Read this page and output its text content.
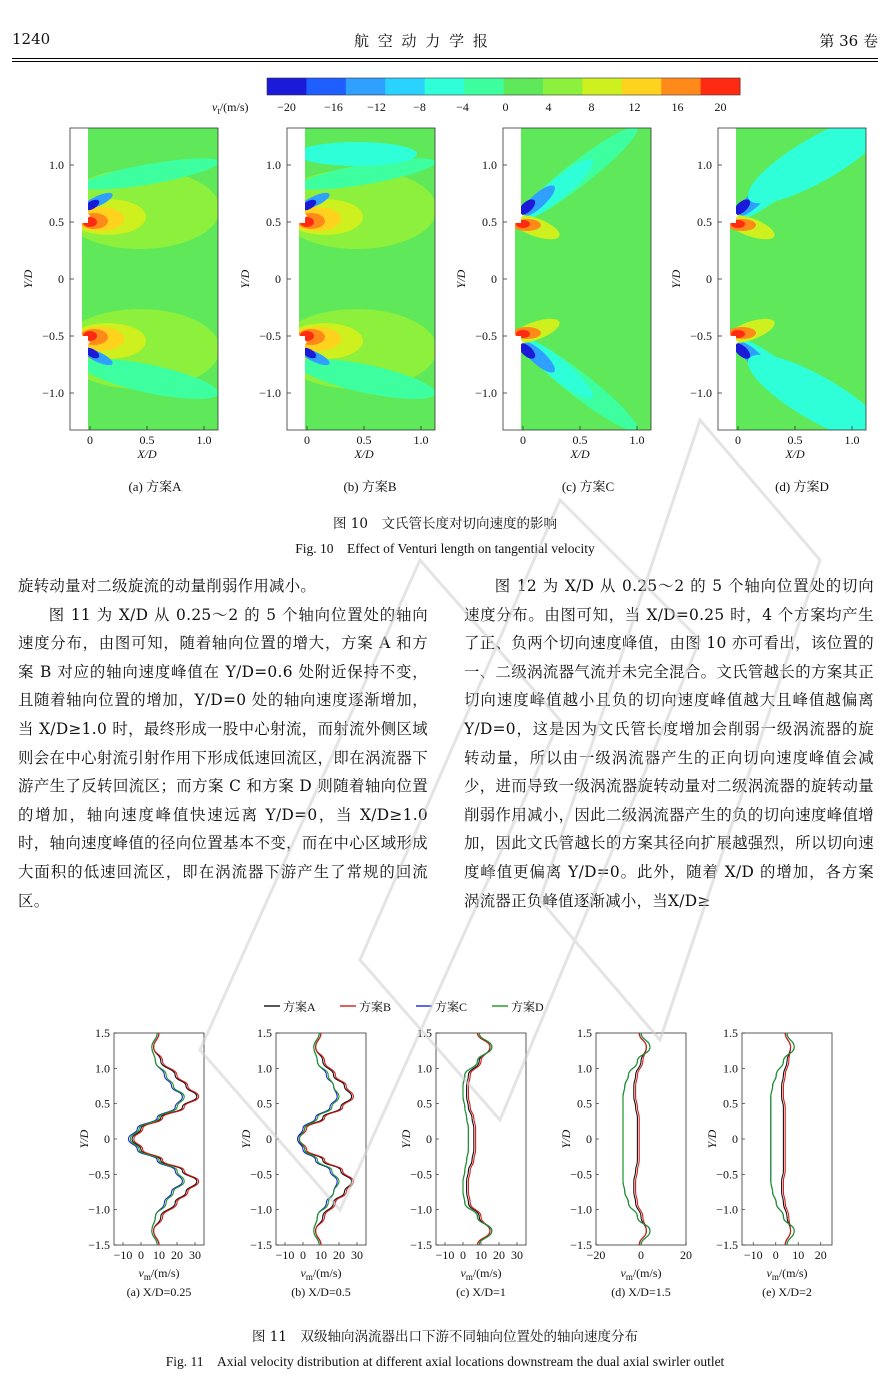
1240	航 空 动 力 学 报	第 36 卷
$v_t/(m/s) -20 -16 -12 -8$	−4	0	4	8	12	16	20
1.0
0.5
0
−0.5
−1.0
Y/D
0	0.5	1.0
X/D
1.0
0.5
0
−0.5
−1.0
Y/D
0	0.5	1.0
X/D
1.0
0.5
0
−0.5
−1.0
Y/D
0	0.5	1.0
X/D
1.0
0.5
0
−0.5
−1.0
Y/D
0	0.5	1.0
X/D
(a) 方案A	(b) 方案B	(c) 方案C	(d) 方案D
图 10　文氏管长度对切向速度的影响
Fig. 10　Effect of Venturi length on tangential velocity

旋转动量对二级旋流的动量削弱作用减小。

图 11 为 X/D 从 0.25～2 的 5 个轴向位置处的轴向速度分布，由图可知，随着轴向位置的增大，方案 A 和方案 B 对应的轴向速度峰值在 Y/D=0.6 处附近保持不变，且随着轴向位置的增加，Y/D=0 处的轴向速度逐渐增加，当 X/D≥1.0 时，最终形成一股中心射流，而射流外侧区域则会在中心射流引射作用下形成低速回流区，即在涡流器下游产生了反转回流区；而方案 C 和方案 D 则随着轴向位置的增加，轴向速度峰值快速远离 Y/D=0，当 X/D≥1.0 时，轴向速度峰值的径向位置基本不变，而在中心区域形成大面积的低速回流区，即在涡流器下游产生了常规的回流区。

图 12 为 X/D 从 0.25～2 的 5 个轴向位置处的切向速度分布。由图可知，当 X/D=0.25 时，4 个方案均产生了正、负两个切向速度峰值，由图 10 亦可看出，该位置的一、二级涡流器气流并未完全混合。文氏管越长的方案其正切向速度峰值越小且负的切向速度峰值越大且峰值越偏离 Y/D=0，这是因为文氏管长度增加会削弱一级涡流器的旋转动量，所以由一级涡流器产生的正向切向速度峰值会减少，进而导致一级涡流器旋转动量对二级涡流器的旋转动量削弱作用减小，因此二级涡流器产生的负的切向速度峰值增加，因此文氏管越长的方案其径向扩展越强烈，所以切向速度峰值更偏离 Y/D=0。此外，随着 X/D 的增加，各方案涡流器正负峰值逐渐减小，当X/D≥

方案A	方案B	方案C	方案D
1.5
1.0
0.5
0
−0.5
−1.0
−1.5
Y/D
−10 0 10 20 30
$v_m/(m/s)$
(a) X/D=0.25
1.5
1.0
0.5
0
−0.5
−1.0
−1.5
Y/D
−10 0 10 20 30
$v_m/(m/s)$
(b) X/D=0.5
1.5
1.0
0.5
0
−0.5
−1.0
−1.5
Y/D
−10 0 10 20 30
$v_m/(m/s)$
(c) X/D=1
1.5
1.0
0.5
0
−0.5
−1.0
−1.5
Y/D
−20	0	20
$v_m/(m/s)$
(d) X/D=1.5
1.5
1.0
0.5
0
−0.5
−1.0
−1.5
Y/D
−10 0 10 20
$v_m/(m/s)$
(e) X/D=2
图 11　双级轴向涡流器出口下游不同轴向位置处的轴向速度分布
Fig. 11　Axial velocity distribution at different axial locations downstream the dual axial swirler outlet
